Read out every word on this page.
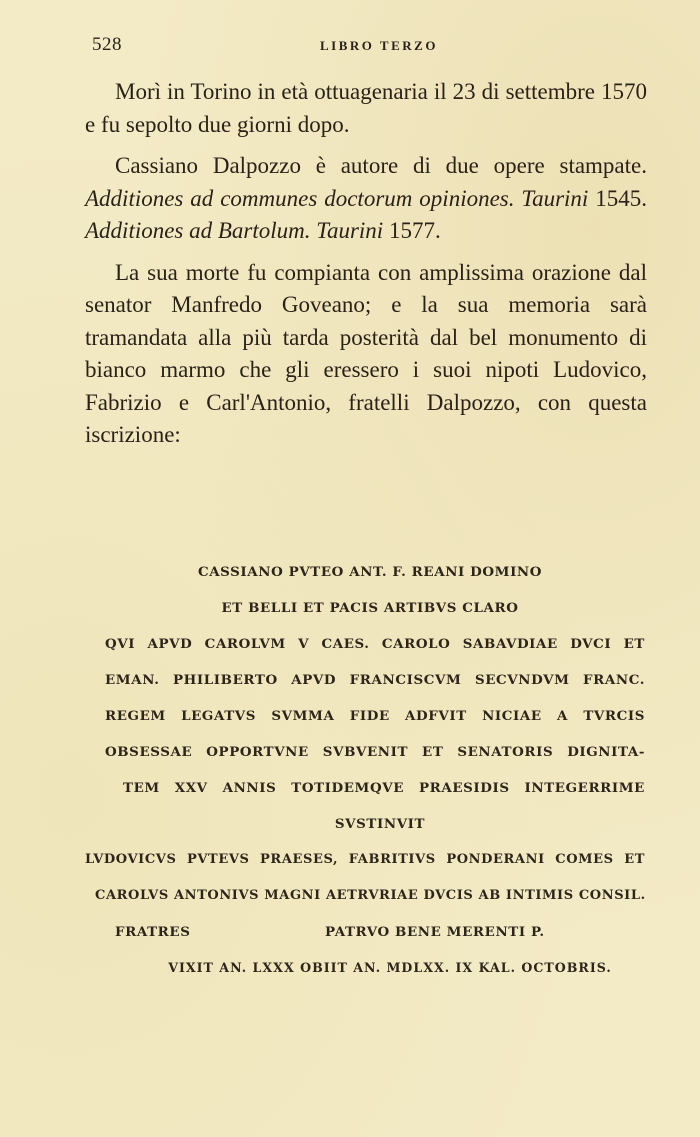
528	LIBRO TERZO

Morì in Torino in età ottuagenaria il 23 di settembre 1570 e fu sepolto due giorni dopo.

Cassiano Dalpozzo è autore di due opere stampate. Additiones ad communes doctorum opiniones. Taurini 1545. Additiones ad Bartolum. Taurini 1577.

La sua morte fu compianta con amplissima orazione dal senator Manfredo Goveano; e la sua memoria sarà tramandata alla più tarda posterità dal bel monumento di bianco marmo che gli eressero i suoi nipoti Ludovico, Fabrizio e Carl'Antonio, fratelli Dalpozzo, con questa iscrizione:

CASSIANO PVTEO ANT. F. REANI DOMINO
ET BELLI ET PACIS ARTIBVS CLARO
QVI APVD CAROLVM V CAES. CAROLO SABAVDIAE DVCI ET
EMAN. PHILIBERTO APVD FRANCISCVM SECVNDVM FRANC.
REGEM LEGATVS SVMMA FIDE ADFVIT NICIAE A TVRCIS
OBSESSAE OPPORTVNE SVBVENIT ET SENATORIS DIGNITA-
TEM XXV ANNIS TOTIDEMQVE PRAESIDIS INTEGERRIME
SVSTINVIT
LVDOVICVS PVTEVS PRAESES, FABRITIVS PONDERANI COMES ET
CAROLVS ANTONIVS MAGNI AETRVRIAE DVCIS AB INTIMIS CONSIL.
FRATRES	PATRVO BENE MERENTI P.
VIXIT AN. LXXX OBIIT AN. MDLXX. IX KAL. OCTOBRIS.
